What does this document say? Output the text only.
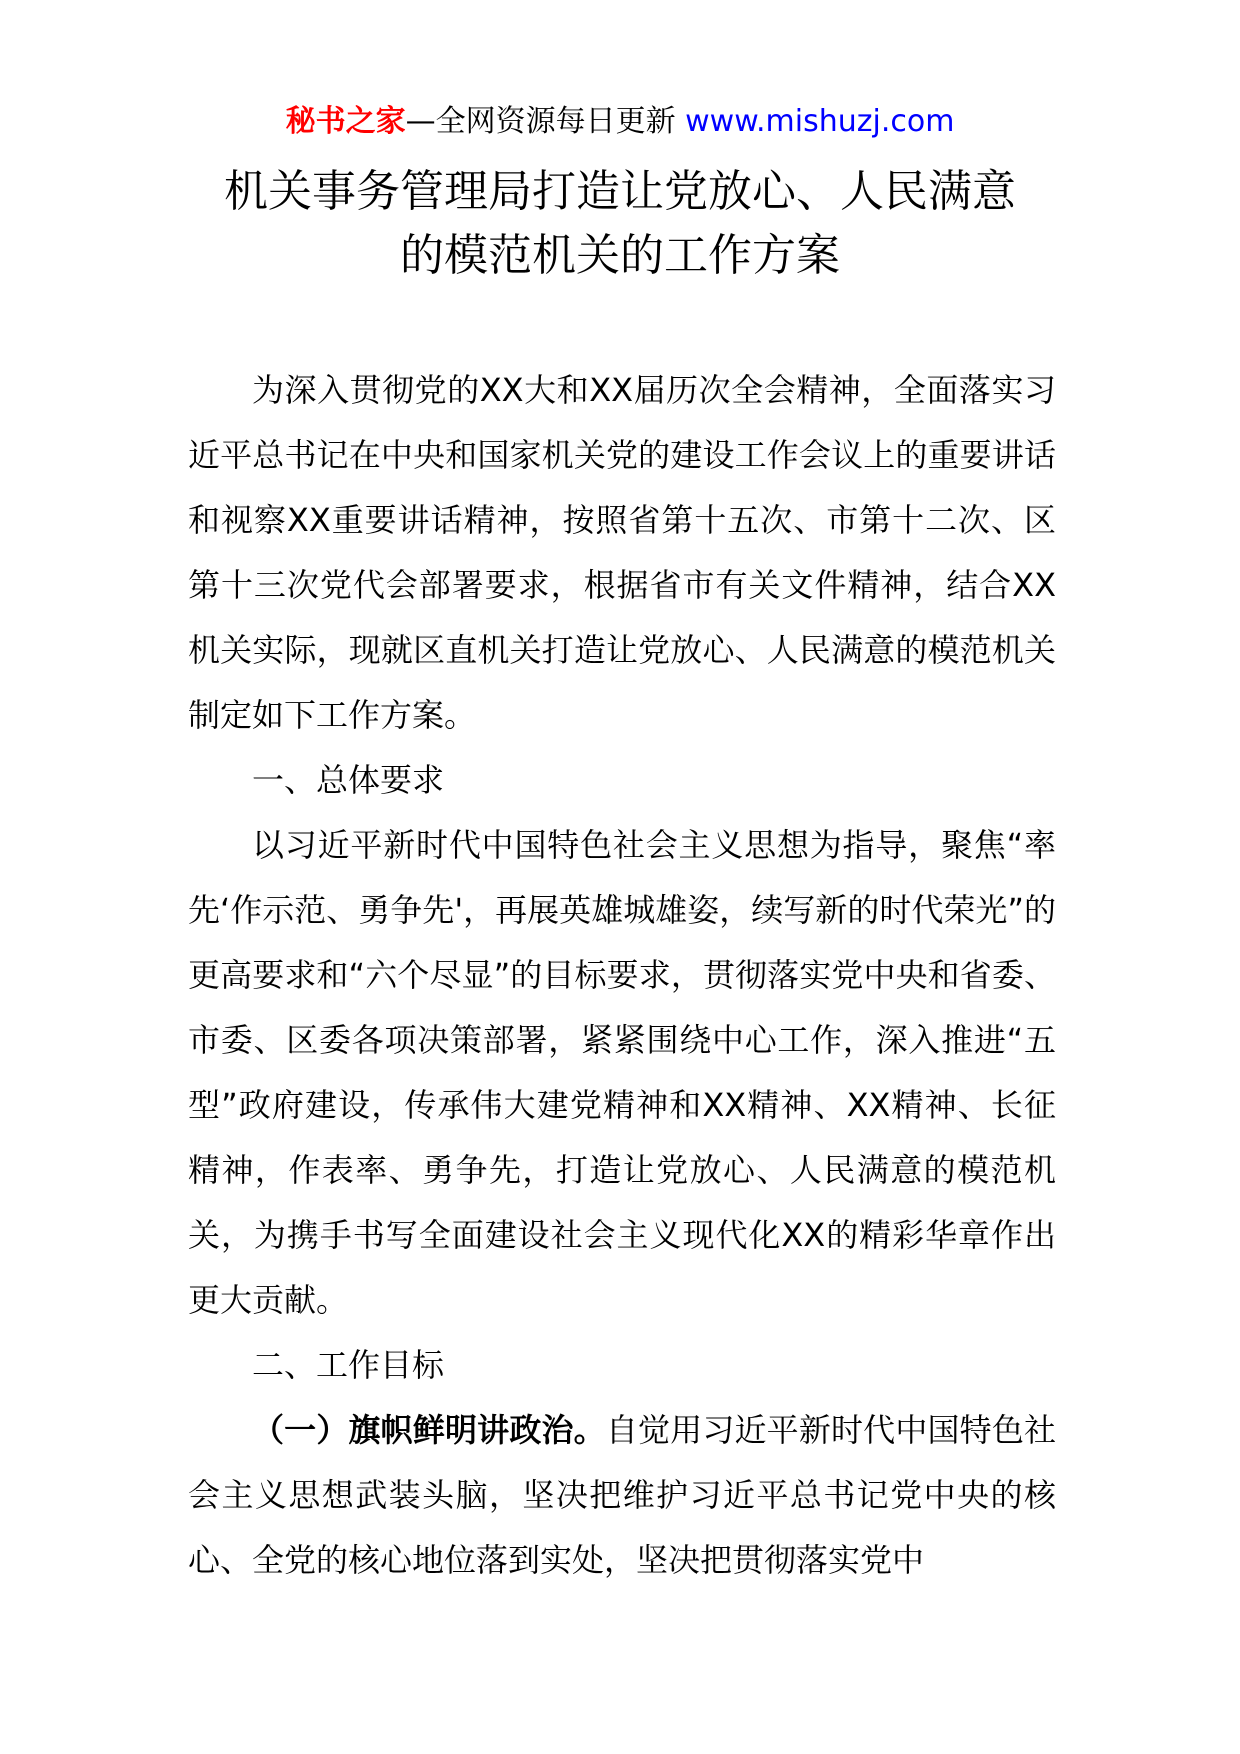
秘书之家—全网资源每日更新 www.mishuzj.com
机关事务管理局打造让党放心、人民满意
的模范机关的工作方案

为深入贯彻党的XX大和XX届历次全会精神，全面落实习近平总书记在中央和国家机关党的建设工作会议上的重要讲话和视察XX重要讲话精神，按照省第十五次、市第十二次、区第十三次党代会部署要求，根据省市有关文件精神，结合XX机关实际，现就区直机关打造让党放心、人民满意的模范机关制定如下工作方案。

一、总体要求

以习近平新时代中国特色社会主义思想为指导，聚焦“率先‘作示范、勇争先'，再展英雄城雄姿，续写新的时代荣光”的更高要求和“六个尽显”的目标要求，贯彻落实党中央和省委、市委、区委各项决策部署，紧紧围绕中心工作，深入推进“五型”政府建设，传承伟大建党精神和XX精神、XX精神、长征精神，作表率、勇争先，打造让党放心、人民满意的模范机关，为携手书写全面建设社会主义现代化XX的精彩华章作出更大贡献。

二、工作目标

（一）旗帜鲜明讲政治。自觉用习近平新时代中国特色社会主义思想武装头脑，坚决把维护习近平总书记党中央的核心、全党的核心地位落到实处，坚决把贯彻落实党中
